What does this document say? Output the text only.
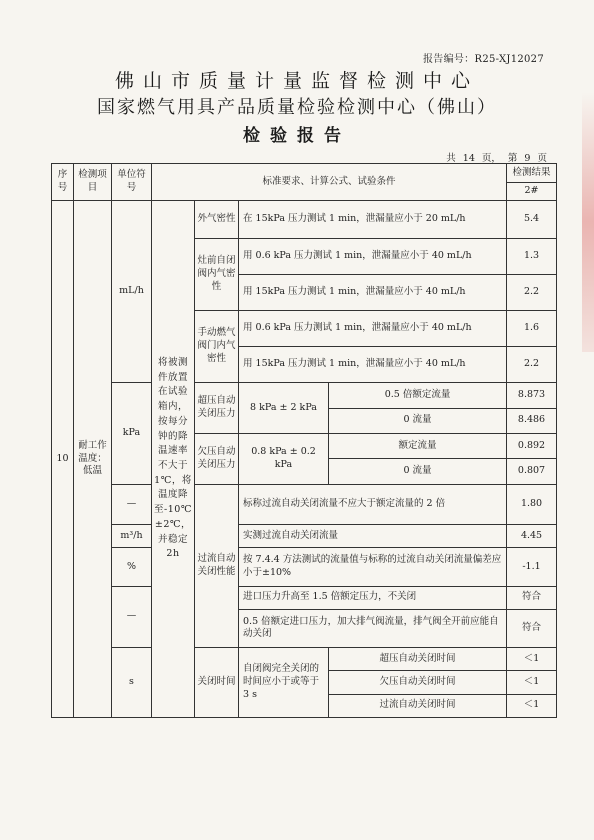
报告编号：R25-XJ12027
佛山市质量计量监督检测中心
国家燃气用具产品质量检验检测中心（佛山）
检验报告
共 14 页， 第 9 页
序号	检测项目	单位符号	标准要求、计算公式、试验条件				检测结果	
							2#	
10	耐工作温度：低温	mL/h	将被测件放置在试验箱内，按每分钟的降温速率不大于1℃，将温度降至-10℃±2℃，并稳定2h	外气密性	在 15kPa 压力测试 1 min，泄漏量应小于 20 mL/h		5.4	
				灶前自闭阀内气密性	用 0.6 kPa 压力测试 1 min，泄漏量应小于 40 mL/h		1.3	
					用 15kPa 压力测试 1 min，泄漏量应小于 40 mL/h		2.2	
				手动燃气阀门内气密性	用 0.6 kPa 压力测试 1 min，泄漏量应小于 40 mL/h		1.6	
					用 15kPa 压力测试 1 min，泄漏量应小于 40 mL/h		2.2	
		kPa		超压自动关闭压力	8 kPa ± 2 kPa	0.5 倍额定流量	8.873	
						0 流量	8.486	
				欠压自动关闭压力	0.8 kPa ± 0.2 kPa	额定流量	0.892	
						0 流量	0.807	
		—		过流自动关闭性能	标称过流自动关闭流量不应大于额定流量的 2 倍		1.80	
		m³/h			实测过流自动关闭流量		4.45	
		%			按 7.4.4 方法测试的流量值与标称的过流自动关闭流量偏差应小于±10%		-1.1	
		—			进口压力升高至 1.5 倍额定压力，不关闭		符合	
					0.5 倍额定进口压力，加大排气阀流量，排气阀全开前应能自动关闭		符合	
		s		关闭时间	自闭阀完全关闭的时间应小于或等于 3 s	超压自动关闭时间	＜1	
						欠压自动关闭时间	＜1	
						过流自动关闭时间	＜1	
